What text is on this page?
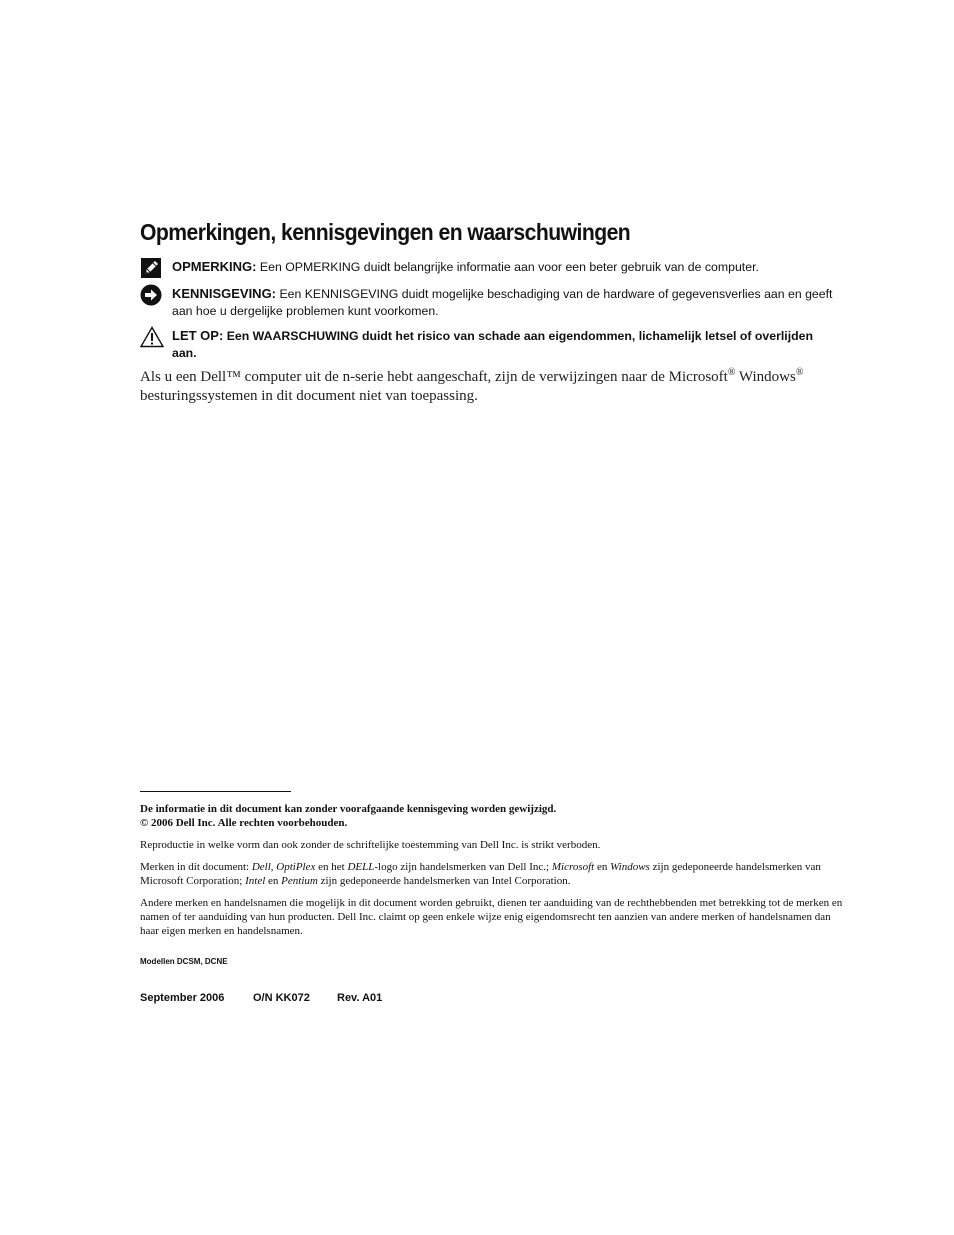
Opmerkingen, kennisgevingen en waarschuwingen
OPMERKING: Een OPMERKING duidt belangrijke informatie aan voor een beter gebruik van de computer.
KENNISGEVING: Een KENNISGEVING duidt mogelijke beschadiging van de hardware of gegevensverlies aan en geeft
aan hoe u dergelijke problemen kunt voorkomen.
LET OP: Een WAARSCHUWING duidt het risico van schade aan eigendommen, lichamelijk letsel of overlijden aan.
Als u een Dell™ computer uit de n-serie hebt aangeschaft, zijn de verwijzingen naar de Microsoft® Windows®
besturingssystemen in dit document niet van toepassing.
De informatie in dit document kan zonder voorafgaande kennisgeving worden gewijzigd.
© 2006 Dell Inc. Alle rechten voorbehouden.
Reproductie in welke vorm dan ook zonder de schriftelijke toestemming van Dell Inc. is strikt verboden.
Merken in dit document: Dell, OptiPlex en het DELL-logo zijn handelsmerken van Dell Inc.; Microsoft en Windows zijn gedeponeerde handelsmerken van Microsoft Corporation; Intel en Pentium zijn gedeponeerde handelsmerken van Intel Corporation.
Andere merken en handelsnamen die mogelijk in dit document worden gebruikt, dienen ter aanduiding van de rechthebbenden met betrekking tot de merken en namen of ter aanduiding van hun producten. Dell Inc. claimt op geen enkele wijze enig eigendomsrecht ten aanzien van andere merken of handelsnamen dan haar eigen merken en handelsnamen.
Modellen DCSM, DCNE
September 2006	O/N KK072 Rev. A01
